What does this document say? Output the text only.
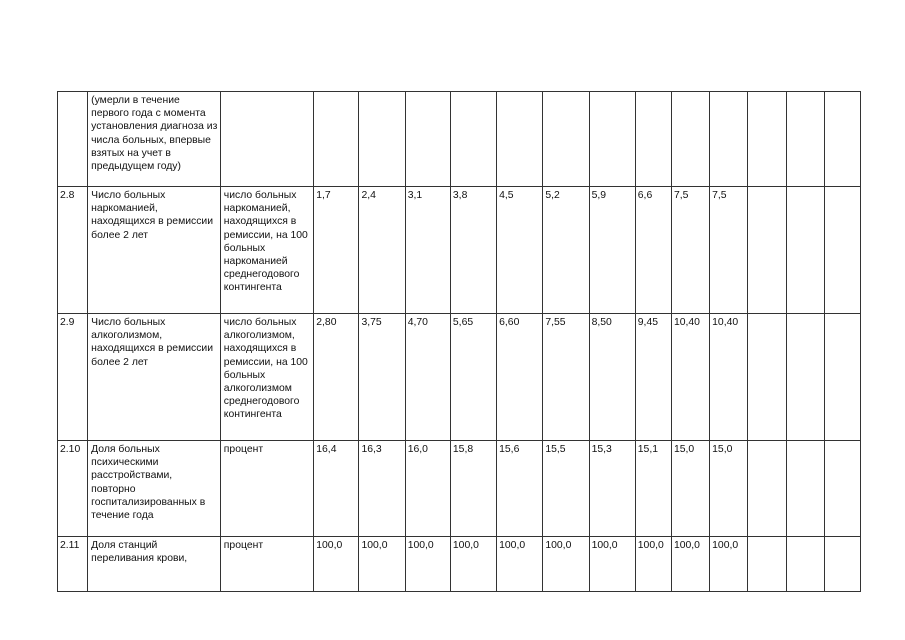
	(умерли в течение первого года с момента установления диагноза из числа больных, впервые взятых на учет в предыдущем году)														
2.8	Число больных наркоманией, находящихся в ремиссии более 2 лет	число больных наркоманией, находящихся в ремиссии, на 100 больных наркоманией среднегодового контингента	1,7	2,4	3,1	3,8	4,5	5,2	5,9	6,6	7,5	7,5			
2.9	Число больных алкоголизмом, находящихся в ремиссии более 2 лет	число больных алкоголизмом, находящихся в ремиссии, на 100 больных алкоголизмом среднегодового контингента	2,80	3,75	4,70	5,65	6,60	7,55	8,50	9,45	10,40	10,40			
2.10	Доля больных психическими расстройствами, повторно госпитализированных в течение года	процент	16,4	16,3	16,0	15,8	15,6	15,5	15,3	15,1	15,0	15,0			
2.11	Доля станций переливания крови,	процент	100,0	100,0	100,0	100,0	100,0	100,0	100,0	100,0	100,0	100,0			
